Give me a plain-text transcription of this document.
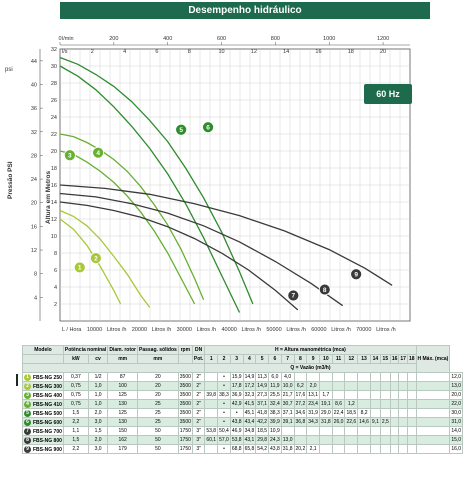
Desempenho hidráulico
2
4
6
8
10
12
14
16
18
20
22
24
26
28
30
32
4
8
12
16
20
24
28
32
36
40
44
psi
Pressão PSI	Altura em Metros
0	200	400	600	800	1000	1200
l/min
l/s	2	4	6	8	10	12	14	16	18	20
10000 Litros /h 20000 Litros /h 30000 Litros /h 40000 Litros /h 50000 Litros /h 60000 Litros /h 70000 Litros /h
L / Hora
1
2
3	4
5	6
7
8
9
60 Hz
Modelo	Potência nominal		Diam. rotor	Passag. sólidos	rpm	DN	H = Altura manométrica (mca)																		H Máx. (mca)	
	kW	cv	mm	mm		Pot.	1	2	3	4	5	6	7	8	9	10	11	12	13	14	15	16	17	18		
							Q = Vazão (m3/h)																			
1 FBS-NG 250	0,37	1/2	87	20	3500	2"		•	15,9	14,9	11,3	6,0	4,0													12,0
2 FBS-NG 300	0,75	1,0	100	20	3500	2"		•	17,8	17,2	14,9	11,9	10,0	6,2	2,0											13,0
3 FBS-NG 400	0,75	1,0	125	20	3500	2"	39,8	38,3	36,9	32,3	27,3	25,5	21,7	17,6	13,1	1,7										20,0
4 FBS-NG 410	0,75	1,0	130	25	3500	2"		•	42,9	41,5	37,1	32,4	30,7	27,2	23,4	19,1	8,6	1,2								22,0
5 FBS-NG 500	1,5	2,0	125	25	3500	2"		•	•	45,1	41,8	38,3	37,1	34,6	31,9	29,0	22,4	18,5	8,2							30,0
6 FBS-NG 600	2,2	3,0	130	25	3500	2"		•	43,8	43,4	42,2	39,9	39,1	36,8	34,3	31,8	26,0	22,6	14,6	9,1	2,5					31,0
7 FBS-NG 700	1,1	1,5	150	50	1750	3"	53,8	50,4	46,9	34,8	18,5	10,9														14,0
8 FBS-NG 800	1,5	2,0	162	50	1750	3"	60,1	57,0	53,8	43,1	29,8	24,3	13,0													15,0
9 FBS-NG 900	2,2	3,0	179	50	1750	3"		•	68,8	65,8	54,2	43,8	31,8	20,2	2,1											16,0
